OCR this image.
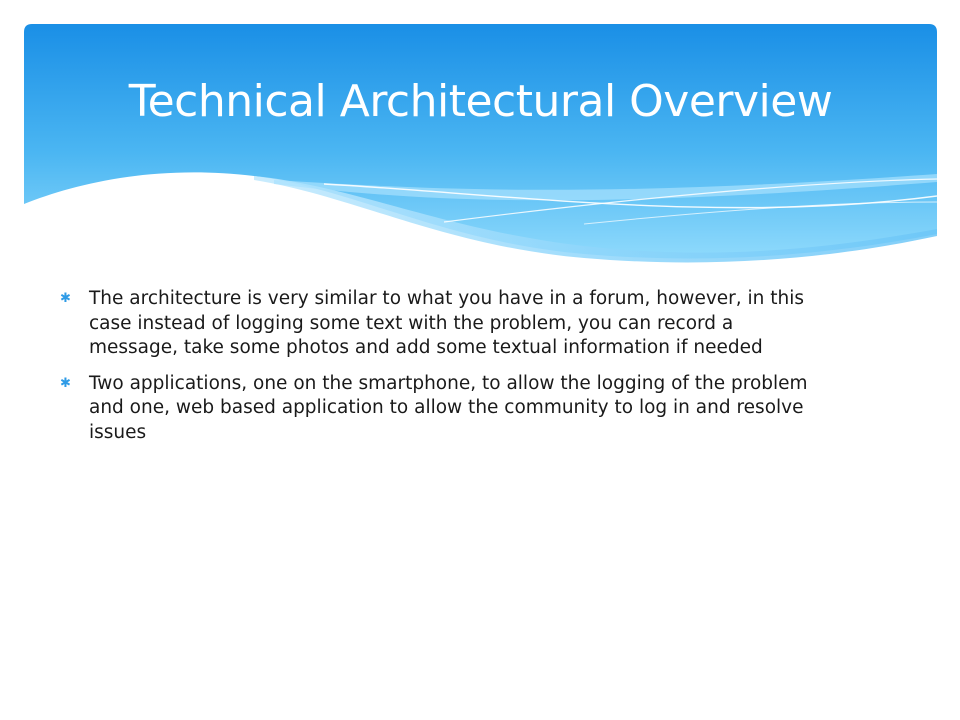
Technical Architectural Overview
✱ The architecture is very similar to what you have in a forum, however, in this case instead of logging some text with the problem, you can record a message, take some photos and add some textual information if needed
✱ Two applications, one on the smartphone, to allow the logging of the problem and one, web based application to allow the community to log in and resolve issues
